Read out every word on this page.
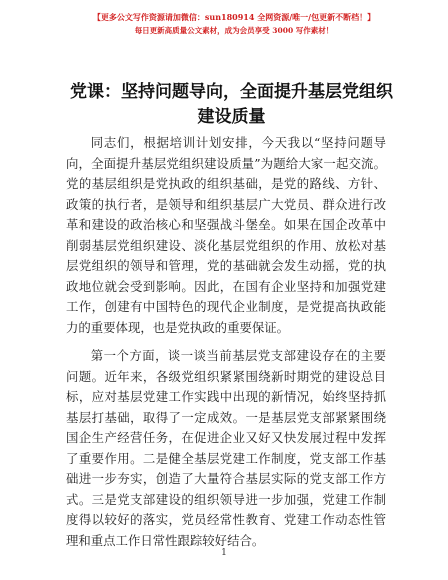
【更多公文写作资源请加微信：sun180914 全网资源/唯一/包更新不断档！】
每日更新高质量公文素材，成为会员享受 3000 写作素材！
党课：坚持问题导向，全面提升基层党组织建设质量

同志们，根据培训计划安排，今天我以“坚持问题导向，全面提升基层党组织建设质量”为题给大家一起交流。党的基层组织是党执政的组织基础，是党的路线、方针、政策的执行者，是领导和组织基层广大党员、群众进行改革和建设的政治核心和坚强战斗堡垒。如果在国企改革中削弱基层党组织建设、淡化基层党组织的作用、放松对基层党组织的领导和管理，党的基础就会发生动摇，党的执政地位就会受到影响。因此，在国有企业坚持和加强党建工作，创建有中国特色的现代企业制度，是党提高执政能力的重要体现，也是党执政的重要保证。

第一个方面，谈一谈当前基层党支部建设存在的主要问题。近年来，各级党组织紧紧围绕新时期党的建设总目标，应对基层党建工作实践中出现的新情况，始终坚持抓基层打基础，取得了一定成效。一是基层党支部紧紧围绕国企生产经营任务，在促进企业又好又快发展过程中发挥了重要作用。二是健全基层党建工作制度，党支部工作基础进一步夯实，创造了大量符合基层实际的党支部工作方式。三是党支部建设的组织领导进一步加强，党建工作制度得以较好的落实，党员经常性教育、党建工作动态性管理和重点工作日常性跟踪较好结合。

1
